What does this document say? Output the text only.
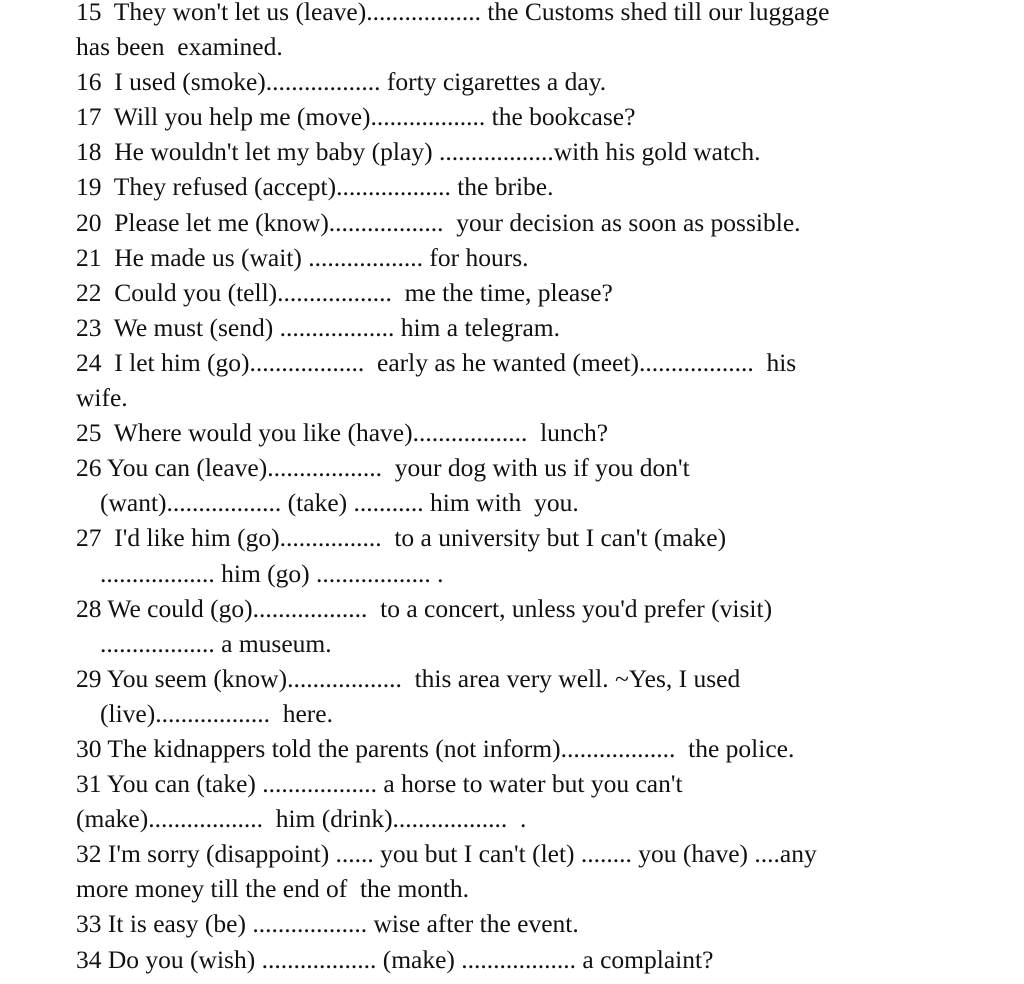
15  They won't let us (leave).................. the Customs shed till our luggage
has been  examined.
16  I used (smoke).................. forty cigarettes a day.
17  Will you help me (move).................. the bookcase?
18  He wouldn't let my baby (play) ..................with his gold watch.
19  They refused (accept).................. the bribe.
20  Please let me (know)..................  your decision as soon as possible.
21  He made us (wait) .................. for hours.
22  Could you (tell)..................  me the time, please?
23  We must (send) .................. him a telegram.
24  I let him (go)..................  early as he wanted (meet)..................  his
wife.
25  Where would you like (have)..................  lunch?
26 You can (leave)..................  your dog with us if you don't
(want).................. (take) ........... him with  you.
27  I'd like him (go)................  to a university but I can't (make)
.................. him (go) .................. .
28 We could (go)..................  to a concert, unless you'd prefer (visit)
.................. a museum.
29 You seem (know)..................  this area very well. ~Yes, I used
(live)..................  here.
30 The kidnappers told the parents (not inform)..................  the police.
31 You can (take) .................. a horse to water but you can't
(make)..................  him (drink)..................  .
32 I'm sorry (disappoint) ...... you but I can't (let) ........ you (have) ....any
more money till the end of  the month.
33 It is easy (be) .................. wise after the event.
34 Do you (wish) .................. (make) .................. a complaint?
